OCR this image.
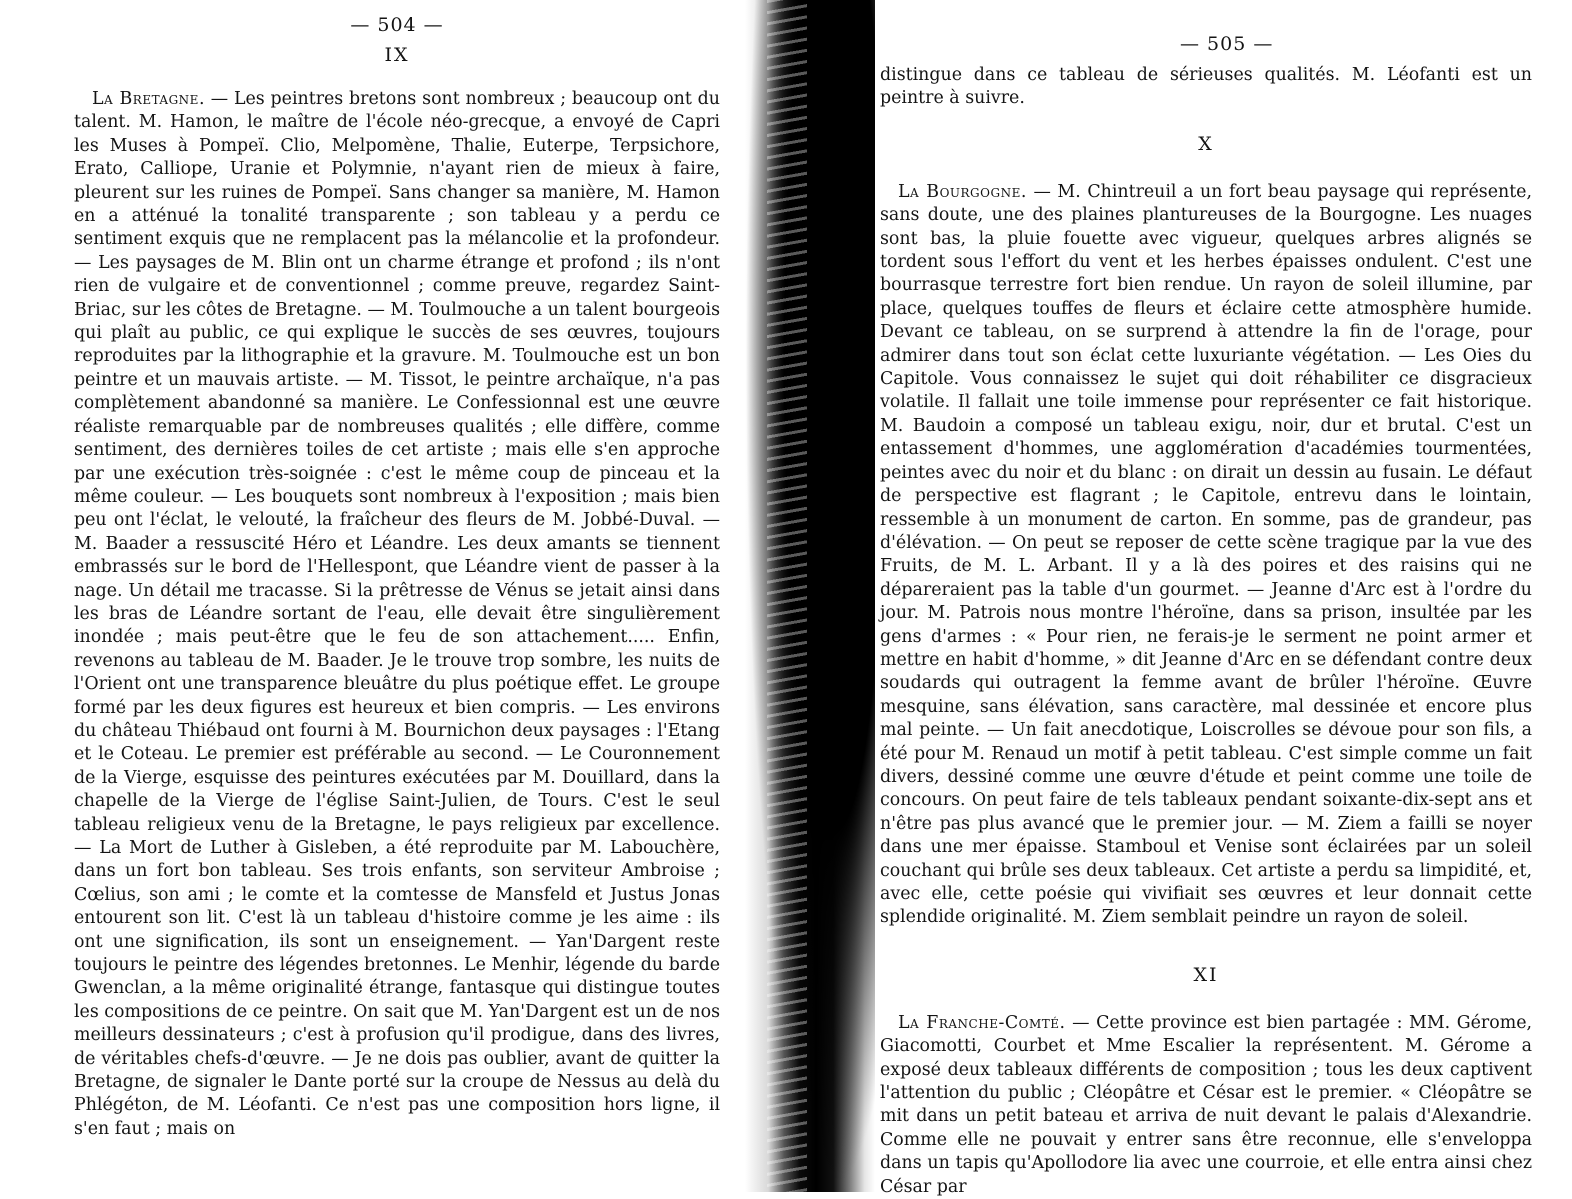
— 504 —
IX

La Bretagne. — Les peintres bretons sont nombreux ; beaucoup ont du talent. M. Hamon, le maître de l'école néo-grecque, a envoyé de Capri les Muses à Pompeï. Clio, Melpomène, Thalie, Euterpe, Terpsichore, Erato, Calliope, Uranie et Polymnie, n'ayant rien de mieux à faire, pleurent sur les ruines de Pompeï. Sans changer sa manière, M. Hamon en a atténué la tonalité transparente ; son tableau y a perdu ce sentiment exquis que ne remplacent pas la mélancolie et la profondeur. — Les paysages de M. Blin ont un charme étrange et profond ; ils n'ont rien de vulgaire et de conventionnel ; comme preuve, regardez Saint-Briac, sur les côtes de Bretagne. — M. Toulmouche a un talent bourgeois qui plaît au public, ce qui explique le succès de ses œuvres, toujours reproduites par la lithographie et la gravure. M. Toulmouche est un bon peintre et un mauvais artiste. — M. Tissot, le peintre archaïque, n'a pas complètement abandonné sa manière. Le Confessionnal est une œuvre réaliste remarquable par de nombreuses qualités ; elle diffère, comme sentiment, des dernières toiles de cet artiste ; mais elle s'en approche par une exécution très-soignée : c'est le même coup de pinceau et la même couleur. — Les bouquets sont nombreux à l'exposition ; mais bien peu ont l'éclat, le velouté, la fraîcheur des fleurs de M. Jobbé-Duval. — M. Baader a ressuscité Héro et Léandre. Les deux amants se tiennent embrassés sur le bord de l'Hellespont, que Léandre vient de passer à la nage. Un détail me tracasse. Si la prêtresse de Vénus se jetait ainsi dans les bras de Léandre sortant de l'eau, elle devait être singulièrement inondée ; mais peut-être que le feu de son attachement..... Enfin, revenons au tableau de M. Baader. Je le trouve trop sombre, les nuits de l'Orient ont une transparence bleuâtre du plus poétique effet. Le groupe formé par les deux figures est heureux et bien compris. — Les environs du château Thiébaud ont fourni à M. Bournichon deux paysages : l'Etang et le Coteau. Le premier est préférable au second. — Le Couronnement de la Vierge, esquisse des peintures exécutées par M. Douillard, dans la chapelle de la Vierge de l'église Saint-Julien, de Tours. C'est le seul tableau religieux venu de la Bretagne, le pays religieux par excellence. — La Mort de Luther à Gisleben, a été reproduite par M. Labouchère, dans un fort bon tableau. Ses trois enfants, son serviteur Ambroise ; Cœlius, son ami ; le comte et la comtesse de Mansfeld et Justus Jonas entourent son lit. C'est là un tableau d'histoire comme je les aime : ils ont une signification, ils sont un enseignement. — Yan'Dargent reste toujours le peintre des légendes bretonnes. Le Menhir, légende du barde Gwenclan, a la même originalité étrange, fantasque qui distingue toutes les compositions de ce peintre. On sait que M. Yan'Dargent est un de nos meilleurs dessinateurs ; c'est à profusion qu'il prodigue, dans des livres, de véritables chefs-d'œuvre. — Je ne dois pas oublier, avant de quitter la Bretagne, de signaler le Dante porté sur la croupe de Nessus au delà du Phlégéton, de M. Léofanti. Ce n'est pas une composition hors ligne, il s'en faut ; mais on

— 505 —

distingue dans ce tableau de sérieuses qualités. M. Léofanti est un peintre à suivre.

X

La Bourgogne. — M. Chintreuil a un fort beau paysage qui représente, sans doute, une des plaines plantureuses de la Bourgogne. Les nuages sont bas, la pluie fouette avec vigueur, quelques arbres alignés se tordent sous l'effort du vent et les herbes épaisses ondulent. C'est une bourrasque terrestre fort bien rendue. Un rayon de soleil illumine, par place, quelques touffes de fleurs et éclaire cette atmosphère humide. Devant ce tableau, on se surprend à attendre la fin de l'orage, pour admirer dans tout son éclat cette luxuriante végétation. — Les Oies du Capitole. Vous connaissez le sujet qui doit réhabiliter ce disgracieux volatile. Il fallait une toile immense pour représenter ce fait historique. M. Baudoin a composé un tableau exigu, noir, dur et brutal. C'est un entassement d'hommes, une agglomération d'académies tourmentées, peintes avec du noir et du blanc : on dirait un dessin au fusain. Le défaut de perspective est flagrant ; le Capitole, entrevu dans le lointain, ressemble à un monument de carton. En somme, pas de grandeur, pas d'élévation. — On peut se reposer de cette scène tragique par la vue des Fruits, de M. L. Arbant. Il y a là des poires et des raisins qui ne dépareraient pas la table d'un gourmet. — Jeanne d'Arc est à l'ordre du jour. M. Patrois nous montre l'héroïne, dans sa prison, insultée par les gens d'armes : « Pour rien, ne ferais-je le serment ne point armer et mettre en habit d'homme, » dit Jeanne d'Arc en se défendant contre deux soudards qui outragent la femme avant de brûler l'héroïne. Œuvre mesquine, sans élévation, sans caractère, mal dessinée et encore plus mal peinte. — Un fait anecdotique, Loiscrolles se dévoue pour son fils, a été pour M. Renaud un motif à petit tableau. C'est simple comme un fait divers, dessiné comme une œuvre d'étude et peint comme une toile de concours. On peut faire de tels tableaux pendant soixante-dix-sept ans et n'être pas plus avancé que le premier jour. — M. Ziem a failli se noyer dans une mer épaisse. Stamboul et Venise sont éclairées par un soleil couchant qui brûle ses deux tableaux. Cet artiste a perdu sa limpidité, et, avec elle, cette poésie qui vivifiait ses œuvres et leur donnait cette splendide originalité. M. Ziem semblait peindre un rayon de soleil.

XI

La Franche-Comté. — Cette province est bien partagée : MM. Gérome, Giacomotti, Courbet et Mme Escalier la représentent. M. Gérome a exposé deux tableaux différents de composition ; tous les deux captivent l'attention du public ; Cléopâtre et César est le premier. « Cléopâtre se mit dans un petit bateau et arriva de nuit devant le palais d'Alexandrie. Comme elle ne pouvait y entrer sans être reconnue, elle s'enveloppa dans un tapis qu'Apollodore lia avec une courroie, et elle entra ainsi chez César par
